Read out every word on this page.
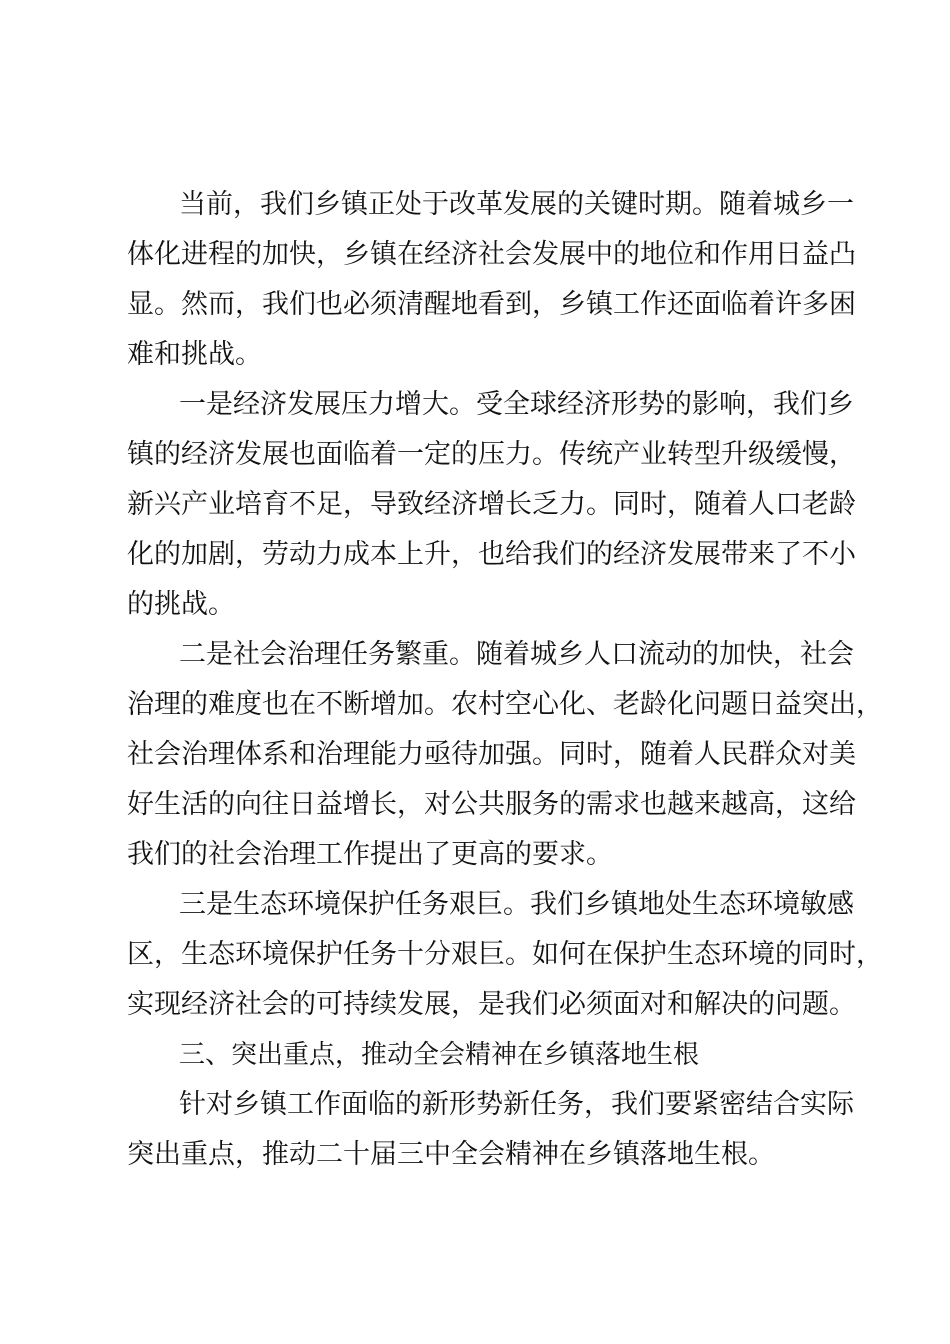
当前，我们乡镇正处于改革发展的关键时期。随着城乡一
体化进程的加快，乡镇在经济社会发展中的地位和作用日益凸
显。然而，我们也必须清醒地看到，乡镇工作还面临着许多困
难和挑战。
一是经济发展压力增大。受全球经济形势的影响，我们乡
镇的经济发展也面临着一定的压力。传统产业转型升级缓慢，
新兴产业培育不足，导致经济增长乏力。同时，随着人口老龄
化的加剧，劳动力成本上升，也给我们的经济发展带来了不小
的挑战。
二是社会治理任务繁重。随着城乡人口流动的加快，社会
治理的难度也在不断增加。农村空心化、老龄化问题日益突出，
社会治理体系和治理能力亟待加强。同时，随着人民群众对美
好生活的向往日益增长，对公共服务的需求也越来越高，这给
我们的社会治理工作提出了更高的要求。
三是生态环境保护任务艰巨。我们乡镇地处生态环境敏感
区，生态环境保护任务十分艰巨。如何在保护生态环境的同时，
实现经济社会的可持续发展，是我们必须面对和解决的问题。
三、突出重点，推动全会精神在乡镇落地生根
针对乡镇工作面临的新形势新任务，我们要紧密结合实际
突出重点，推动二十届三中全会精神在乡镇落地生根。
